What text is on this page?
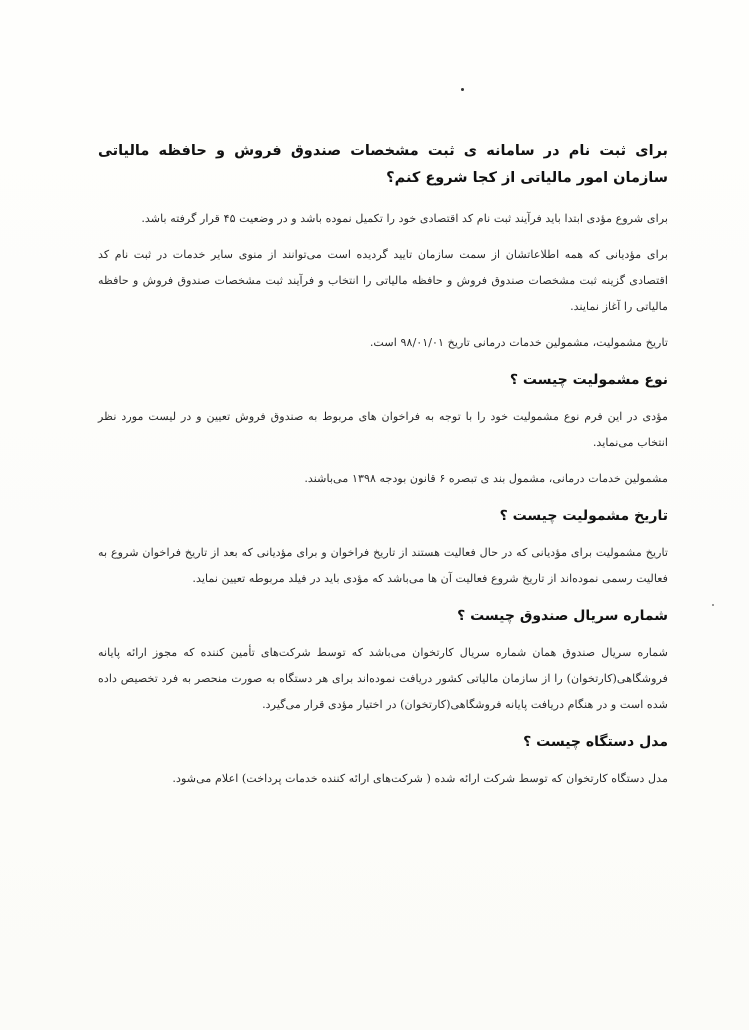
برای ثبت نام در سامانه ی ثبت مشخصات صندوق فروش و حافظه مالیاتی سازمان امور مالیاتی از کجا شروع کنم؟

برای شروع مؤدی ابتدا باید فرآیند ثبت نام کد اقتصادی خود را تکمیل نموده باشد و در وضعیت ۴۵ قرار گرفته باشد.

برای مؤدیانی که همه اطلاعاتشان از سمت سازمان تایید گردیده است می‌توانند از منوی سایر خدمات در ثبت نام کد اقتصادی گزینه ثبت مشخصات صندوق فروش و حافظه مالیاتی را انتخاب و فرآیند ثبت مشخصات صندوق فروش و حافظه مالیاتی را آغاز نمایند.

تاریخ مشمولیت، مشمولین خدمات درمانی تاریخ ۹۸/۰۱/۰۱ است.

نوع مشمولیت چیست ؟

مؤدی در این فرم نوع مشمولیت خود را با توجه به فراخوان های مربوط به صندوق فروش تعیین و در لیست مورد نظر انتخاب می‌نماید.

مشمولین خدمات درمانی، مشمول بند ی تبصره ۶ قانون بودجه ۱۳۹۸ می‌باشند.

تاریخ مشمولیت چیست ؟

تاریخ مشمولیت برای مؤدیانی که در حال فعالیت هستند از تاریخ فراخوان و برای مؤدیانی که بعد از تاریخ فراخوان شروع به فعالیت رسمی نموده‌اند از تاریخ شروع فعالیت آن ها می‌باشد که مؤدی باید در فیلد مربوطه تعیین نماید.

شماره سریال صندوق چیست ؟

شماره سریال صندوق همان شماره سریال کارتخوان می‌باشد که توسط شرکت‌های تأمین کننده که مجوز ارائه پایانه فروشگاهی(کارتخوان) را از سازمان مالیاتی کشور دریافت نموده‌اند برای هر دستگاه به صورت منحصر به فرد تخصیص داده شده است و در هنگام دریافت پایانه فروشگاهی(کارتخوان) در اختیار مؤدی قرار می‌گیرد.

مدل دستگاه چیست ؟

مدل دستگاه کارتخوان که توسط شرکت ارائه شده ( شرکت‌های ارائه کننده خدمات پرداخت) اعلام می‌شود.
